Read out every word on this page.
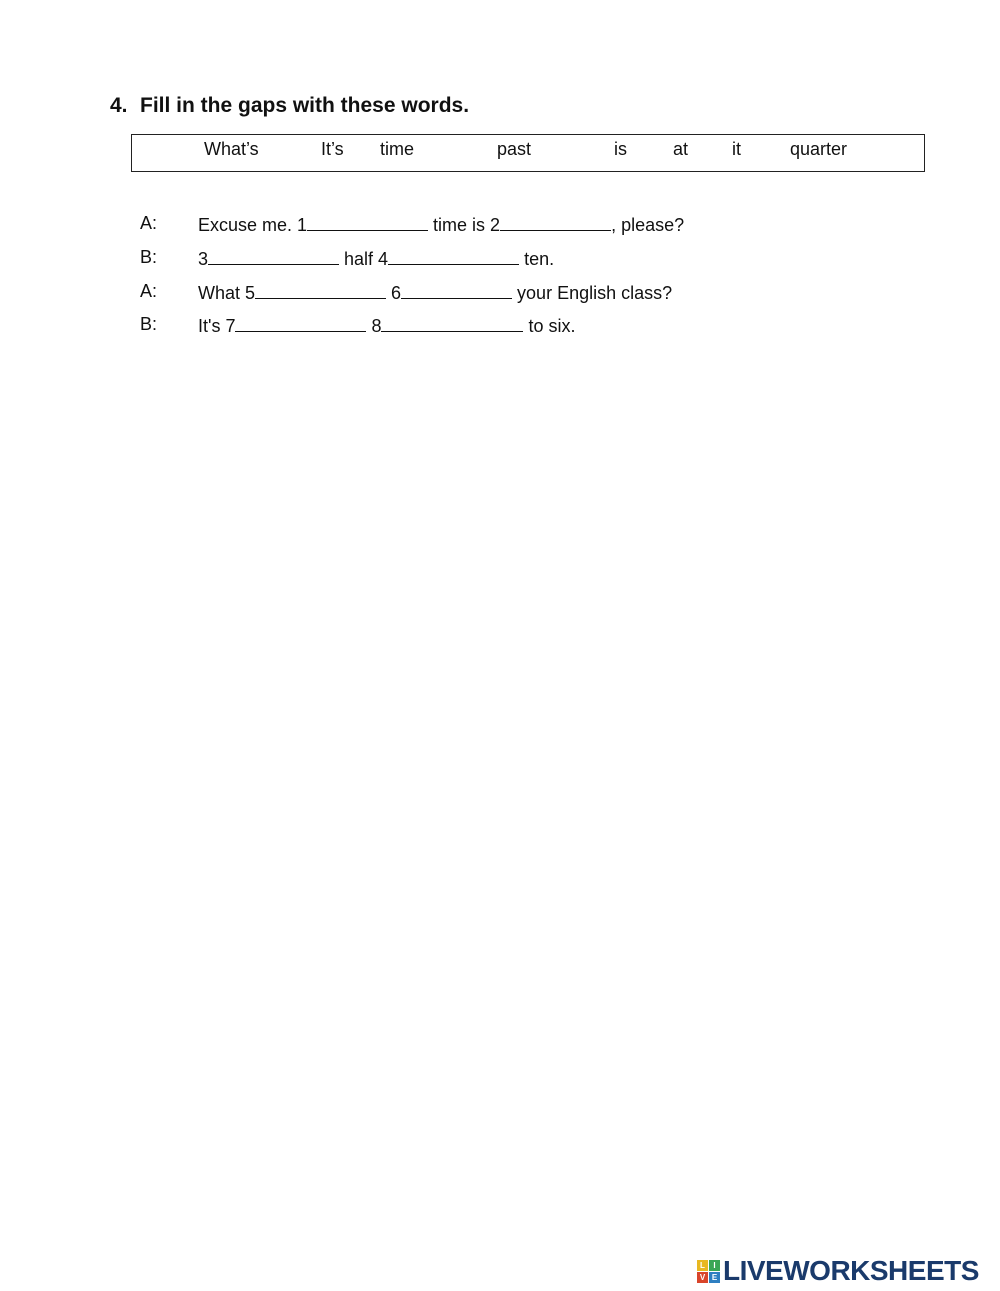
4. Fill in the gaps with these words.
What’s	It’s time	past	is	at it	quarter
A: Excuse me. 1	time is 2	, please?
B: 3	half 4	ten.
A: What 5	6	your English class?
B: It's 7	8	to six.
L	I
V E LIVEWORKSHEETS
